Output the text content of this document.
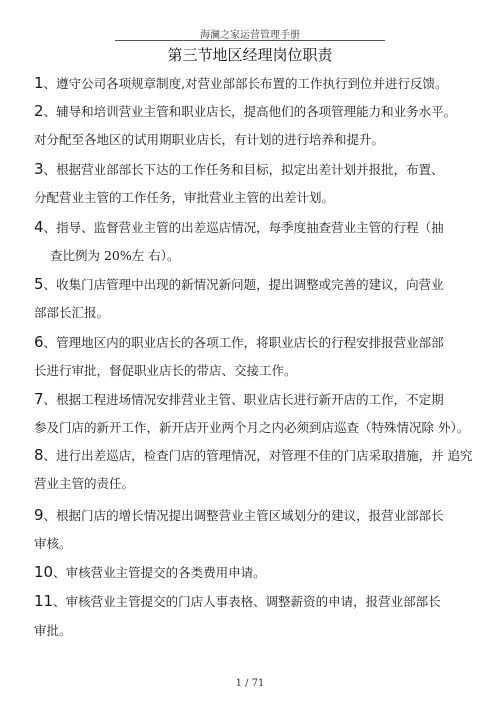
海澜之家运营管理手册
第三节地区经理岗位职责
1、遵守公司各项规章制度,对营业部部长布置的工作执行到位并进行反馈。
2、辅导和培训营业主管和职业店长，提高他们的各项管理能力和业务水平。
对分配至各地区的试用期职业店长，有计划的进行培养和提升。
3、根据营业部部长下达的工作任务和目标，拟定出差计划并报批，布置、
分配营业主管的工作任务，审批营业主管的出差计划。
4、指导、监督营业主管的出差巡店情况，每季度抽查营业主管的行程（抽
查比例为 20%左 右）。
5、收集门店管理中出现的新情况新问题，提出调整或完善的建议，向营业
部部长汇报。
6、管理地区内的职业店长的各项工作，将职业店长的行程安排报营业部部
长进行审批，督促职业店长的带店、交接工作。
7、根据工程进场情况安排营业主管、职业店长进行新开店的工作，不定期
参及门店的新开工作，新开店开业两个月之内必须到店巡查（特殊情况除 外）。
8、进行出差巡店，检查门店的管理情况，对管理不佳的门店采取措施，并 追究
营业主管的责任。
9、根据门店的增长情况提出调整营业主管区域划分的建议，报营业部部长
审核。
10、审核营业主管提交的各类费用申请。
11、审核营业主管提交的门店人事表格、调整薪资的申请，报营业部部长
审批。
1 / 71
